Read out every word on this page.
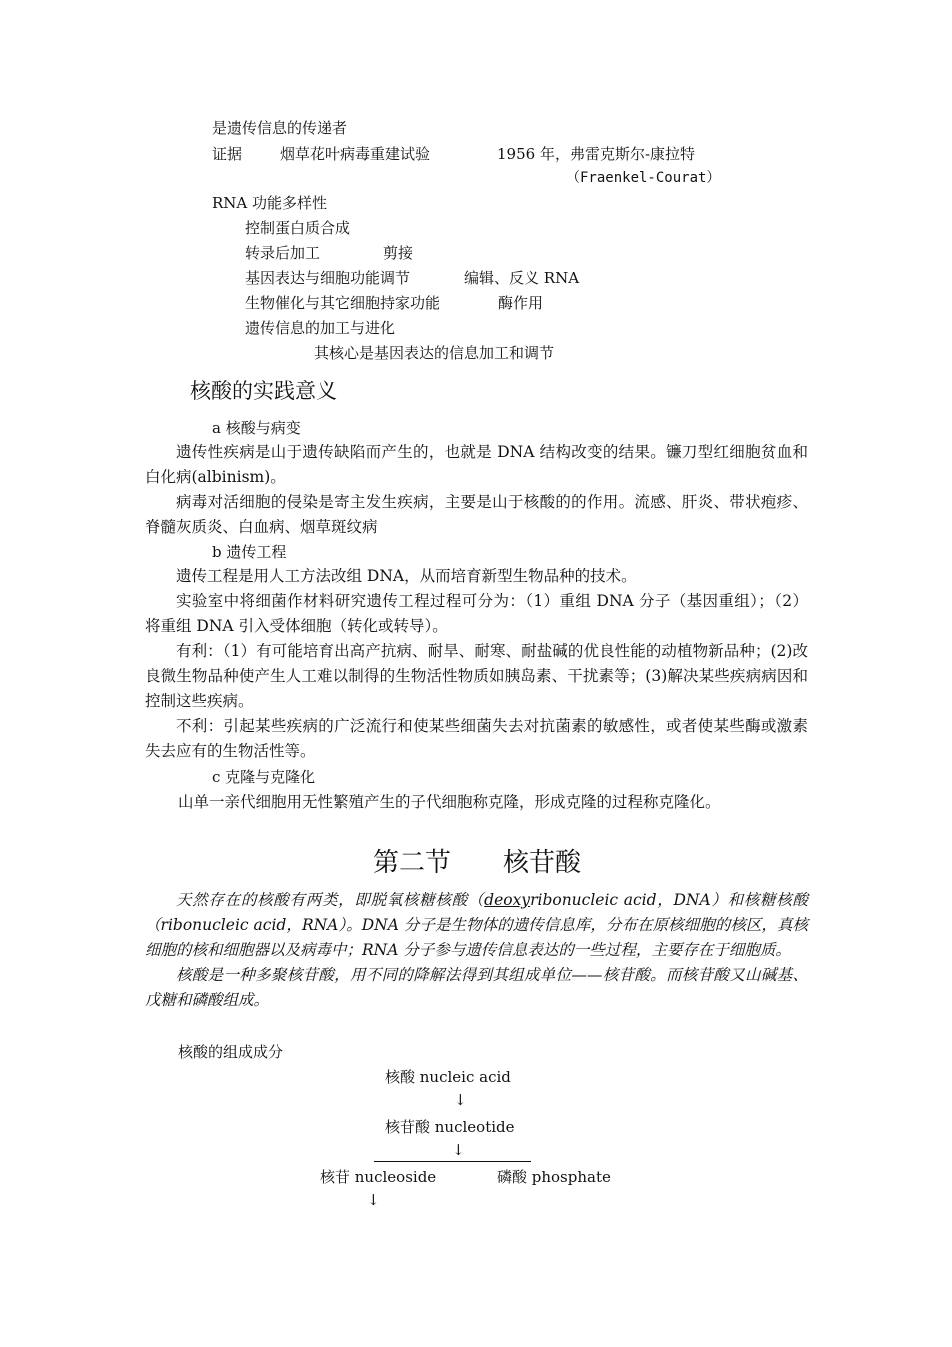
是遗传信息的传递者
证据	烟草花叶病毒重建试验	1956 年，弗雷克斯尔-康拉特
（Fraenkel-Courat）
RNA 功能多样性
控制蛋白质合成
转录后加工	剪接
基因表达与细胞功能调节	编辑、反义 RNA
生物催化与其它细胞持家功能	酶作用
遗传信息的加工与进化
其核心是基因表达的信息加工和调节
核酸的实践意义
a 核酸与病变

遗传性疾病是山于遗传缺陷而产生的，也就是 DNA 结构改变的结果。镰刀型红细胞贫血和白化病(albinism)。

病毒对活细胞的侵染是寄主发生疾病，主要是山于核酸的的作用。流感、肝炎、带状疱疹、脊髓灰质炎、白血病、烟草斑纹病

b 遗传工程

遗传工程是用人工方法改组 DNA，从而培育新型生物品种的技术。

实验室中将细菌作材料研究遗传工程过程可分为：（1）重组 DNA 分子（基因重组）；（2）将重组 DNA 引入受体细胞（转化或转导）。

有利：（1）有可能培育出高产抗病、耐旱、耐寒、耐盐碱的优良性能的动植物新品种；(2)改良微生物品种使产生人工难以制得的生物活性物质如胰岛素、干扰素等；(3)解决某些疾病病因和控制这些疾病。

不利：引起某些疾病的广泛流行和使某些细菌失去对抗菌素的敏感性，或者使某些酶或激素失去应有的生物活性等。

c 克隆与克隆化
山单一亲代细胞用无性繁殖产生的子代细胞称克隆，形成克隆的过程称克隆化。
第二节 核苷酸

天然存在的核酸有两类，即脱氧核糖核酸（deoxyribonucleic acid，DNA）和核糖核酸（ribonucleic acid，RNA）。DNA 分子是生物体的遗传信息库，分布在原核细胞的核区，真核细胞的核和细胞器以及病毒中；RNA 分子参与遗传信息表达的一些过程，主要存在于细胞质。

核酸是一种多聚核苷酸，用不同的降解法得到其组成单位——核苷酸。而核苷酸又山碱基、戊糖和磷酸组成。

核酸的组成成分
核酸 nucleic acid
↓
核苷酸 nucleotide
↓
核苷 nucleoside	磷酸 phosphate
↓
